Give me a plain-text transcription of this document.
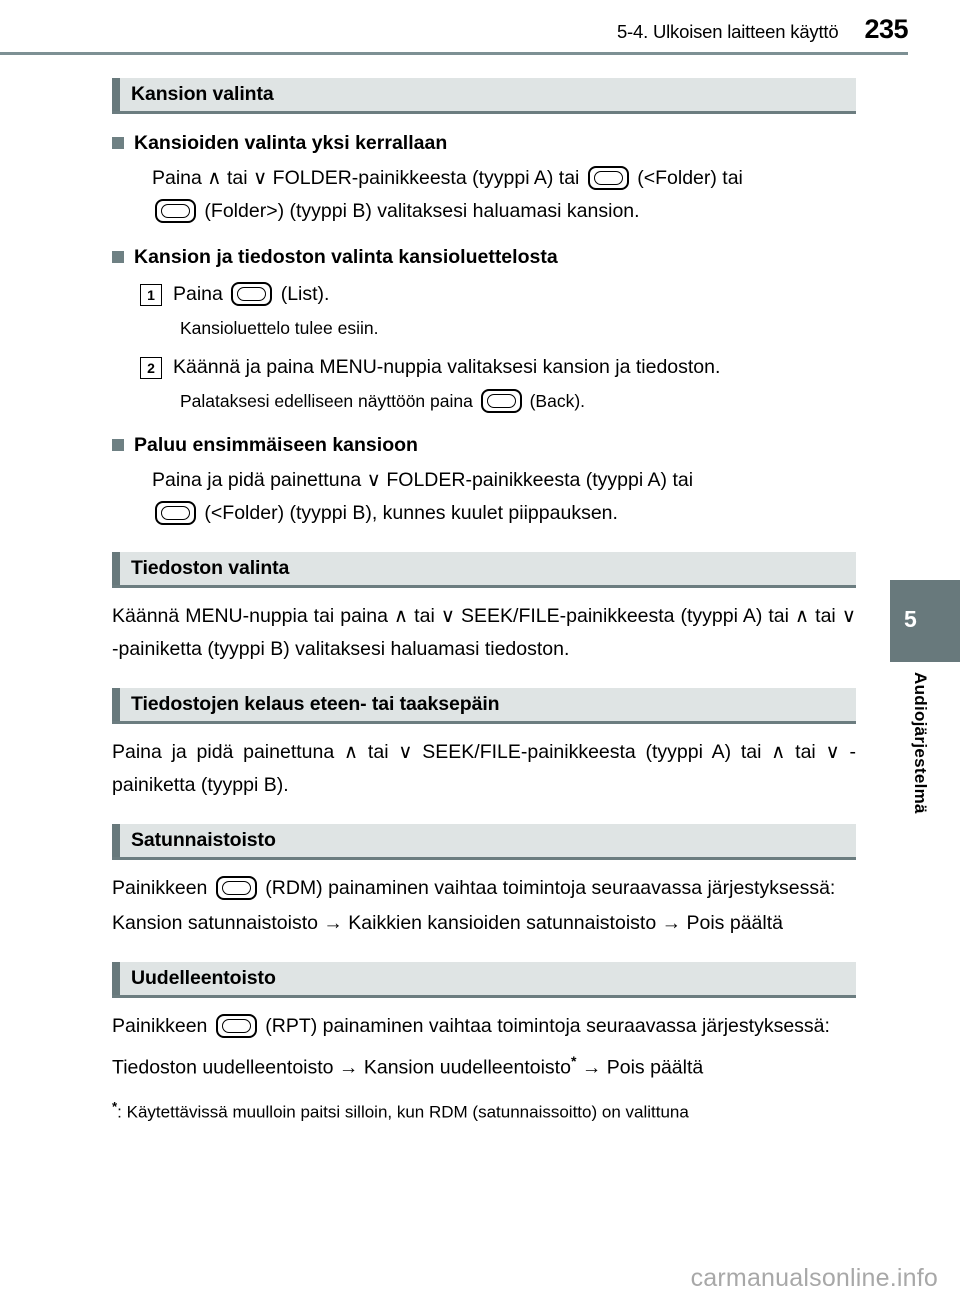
5-4. Ulkoisen laitteen käyttö 235
5
Audiojärjestelmä
Kansion valinta
Kansioiden valinta yksi kerrallaan

Paina ∧ tai ∨ FOLDER-painikkeesta (tyyppi A) tai	(<Folder) tai

(Folder>) (tyyppi B) valitaksesi haluamasi kansion.

Kansion ja tiedoston valinta kansioluettelosta
1 Paina	(List).
Kansioluettelo tulee esiin.
2 Käännä ja paina MENU-nuppia valitaksesi kansion ja tiedoston.
Palataksesi edelliseen näyttöön paina	(Back).
Paluu ensimmäiseen kansioon

Paina ja pidä painettuna ∨ FOLDER-painikkeesta (tyyppi A) tai

(<Folder) (tyyppi B), kunnes kuulet piippauksen.

Tiedoston valinta

Käännä MENU-nuppia tai paina ∧ tai ∨ SEEK/FILE-painikkeesta (tyyppi A) tai ∧ tai ∨ -painiketta (tyyppi B) valitaksesi haluamasi tiedoston.

Tiedostojen kelaus eteen- tai taaksepäin

Paina ja pidä painettuna ∧ tai ∨ SEEK/FILE-painikkeesta (tyyppi A) tai ∧ tai ∨ -painiketta (tyyppi B).

Satunnaistoisto

Painikkeen	(RDM) painaminen vaihtaa toimintoja seuraavassa järjestyksessä:

Kansion satunnaistoisto → Kaikkien kansioiden satunnaistoisto → Pois päältä

Uudelleentoisto

Painikkeen	(RPT) painaminen vaihtaa toimintoja seuraavassa järjestyksessä:

Tiedoston uudelleentoisto → Kansion uudelleentoisto* → Pois päältä

*: Käytettävissä muulloin paitsi silloin, kun RDM (satunnaissoitto) on valittuna

carmanualsonline.info
